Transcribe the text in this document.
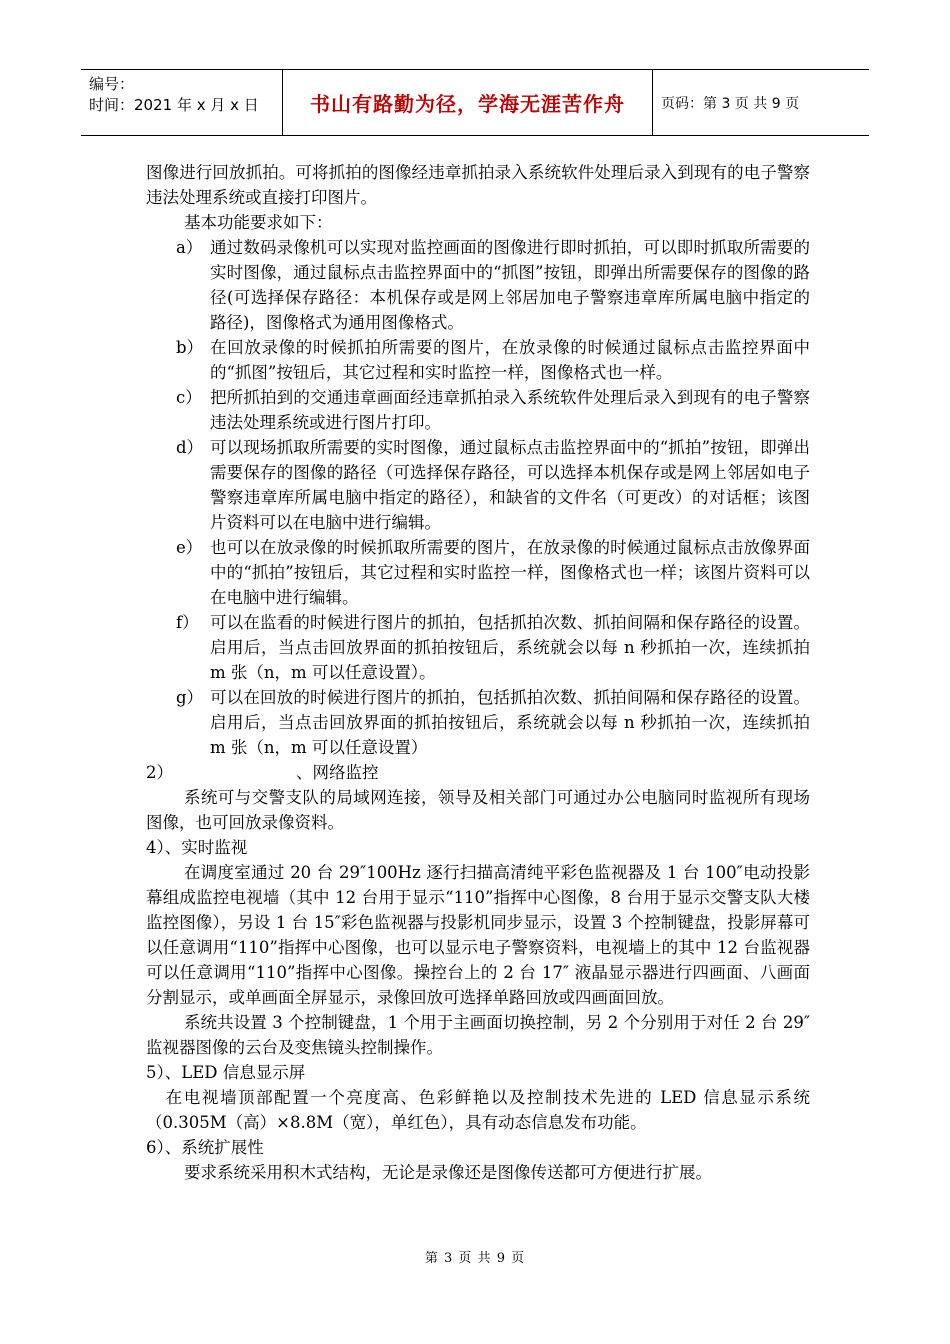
编号：
时间：2021 年 x 月 x 日	书山有路勤为径，学海无涯苦作舟	页码：第 3 页 共 9 页

图像进行回放抓拍。可将抓拍的图像经违章抓拍录入系统软件处理后录入到现有的电子警察违法处理系统或直接打印图片。

基本功能要求如下：

a） 通过数码录像机可以实现对监控画面的图像进行即时抓拍，可以即时抓取所需要的实时图像，通过鼠标点击监控界面中的“抓图”按钮，即弹出所需要保存的图像的路径(可选择保存路径：本机保存或是网上邻居加电子警察违章库所属电脑中指定的路径)，图像格式为通用图像格式。
b） 在回放录像的时候抓拍所需要的图片，在放录像的时候通过鼠标点击监控界面中的“抓图”按钮后，其它过程和实时监控一样，图像格式也一样。
c） 把所抓拍到的交通违章画面经违章抓拍录入系统软件处理后录入到现有的电子警察违法处理系统或进行图片打印。
d） 可以现场抓取所需要的实时图像，通过鼠标点击监控界面中的“抓拍”按钮，即弹出需要保存的图像的路径（可选择保存路径，可以选择本机保存或是网上邻居如电子警察违章库所属电脑中指定的路径），和缺省的文件名（可更改）的对话框；该图片资料可以在电脑中进行编辑。
e） 也可以在放录像的时候抓取所需要的图片，在放录像的时候通过鼠标点击放像界面中的“抓拍”按钮后，其它过程和实时监控一样，图像格式也一样；该图片资料可以在电脑中进行编辑。
f） 可以在监看的时候进行图片的抓拍，包括抓拍次数、抓拍间隔和保存路径的设置。启用后，当点击回放界面的抓拍按钮后，系统就会以每 n 秒抓拍一次，连续抓拍 m 张（n，m 可以任意设置）。
g） 可以在回放的时候进行图片的抓拍，包括抓拍次数、抓拍间隔和保存路径的设置。启用后，当点击回放界面的抓拍按钮后，系统就会以每 n 秒抓拍一次，连续抓拍 m 张（n，m 可以任意设置）
2）	、网络监控

系统可与交警支队的局域网连接，领导及相关部门可通过办公电脑同时监视所有现场图像，也可回放录像资料。

4）、实时监视

在调度室通过 20 台 29″100Hz 逐行扫描高清纯平彩色监视器及 1 台 100″电动投影幕组成监控电视墙（其中 12 台用于显示“110”指挥中心图像，8 台用于显示交警支队大楼监控图像），另设 1 台 15″彩色监视器与投影机同步显示，设置 3 个控制键盘，投影屏幕可以任意调用“110”指挥中心图像，也可以显示电子警察资料，电视墙上的其中 12 台监视器可以任意调用“110”指挥中心图像。操控台上的 2 台 17″ 液晶显示器进行四画面、八画面分割显示，或单画面全屏显示，录像回放可选择单路回放或四画面回放。

系统共设置 3 个控制键盘，1 个用于主画面切换控制，另 2 个分别用于对任 2 台 29″监视器图像的云台及变焦镜头控制操作。

5）、LED 信息显示屏

在电视墙顶部配置一个亮度高、色彩鲜艳以及控制技术先进的 LED 信息显示系统（0.305M（高）×8.8M（宽），单红色），具有动态信息发布功能。

6）、系统扩展性

要求系统采用积木式结构，无论是录像还是图像传送都可方便进行扩展。

第 3 页 共 9 页
